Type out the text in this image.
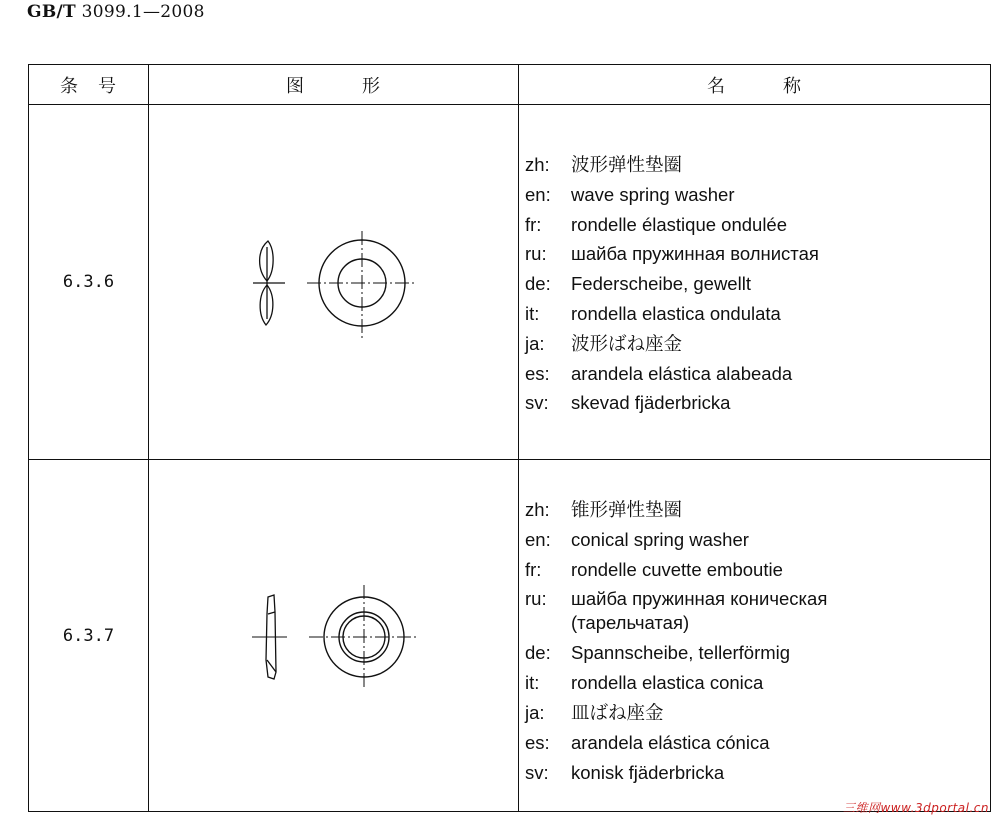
GB/T 3099.1—2008
条　号	图　　　形	名　　　称
6.3.6
zh:	波形弹性垫圈
en:	wave spring washer
fr:	rondelle élastique ondulée
ru:	шайба пружинная волнистая
de:	Federscheibe, gewellt
it:	rondella elastica ondulata
ja:	波形ばね座金
es:	arandela elástica alabeada
sv:	skevad fjäderbricka
6.3.7
zh:	锥形弹性垫圈
en:	conical spring washer
fr:	rondelle cuvette emboutie
ru:	шайба пружинная коническая
(тарельчатая)
de:	Spannscheibe, tellerförmig
it:	rondella elastica conica
ja:	皿ばね座金
es:	arandela elástica cónica
sv:	konisk fjäderbricka
三维网www.3dportal.cn
